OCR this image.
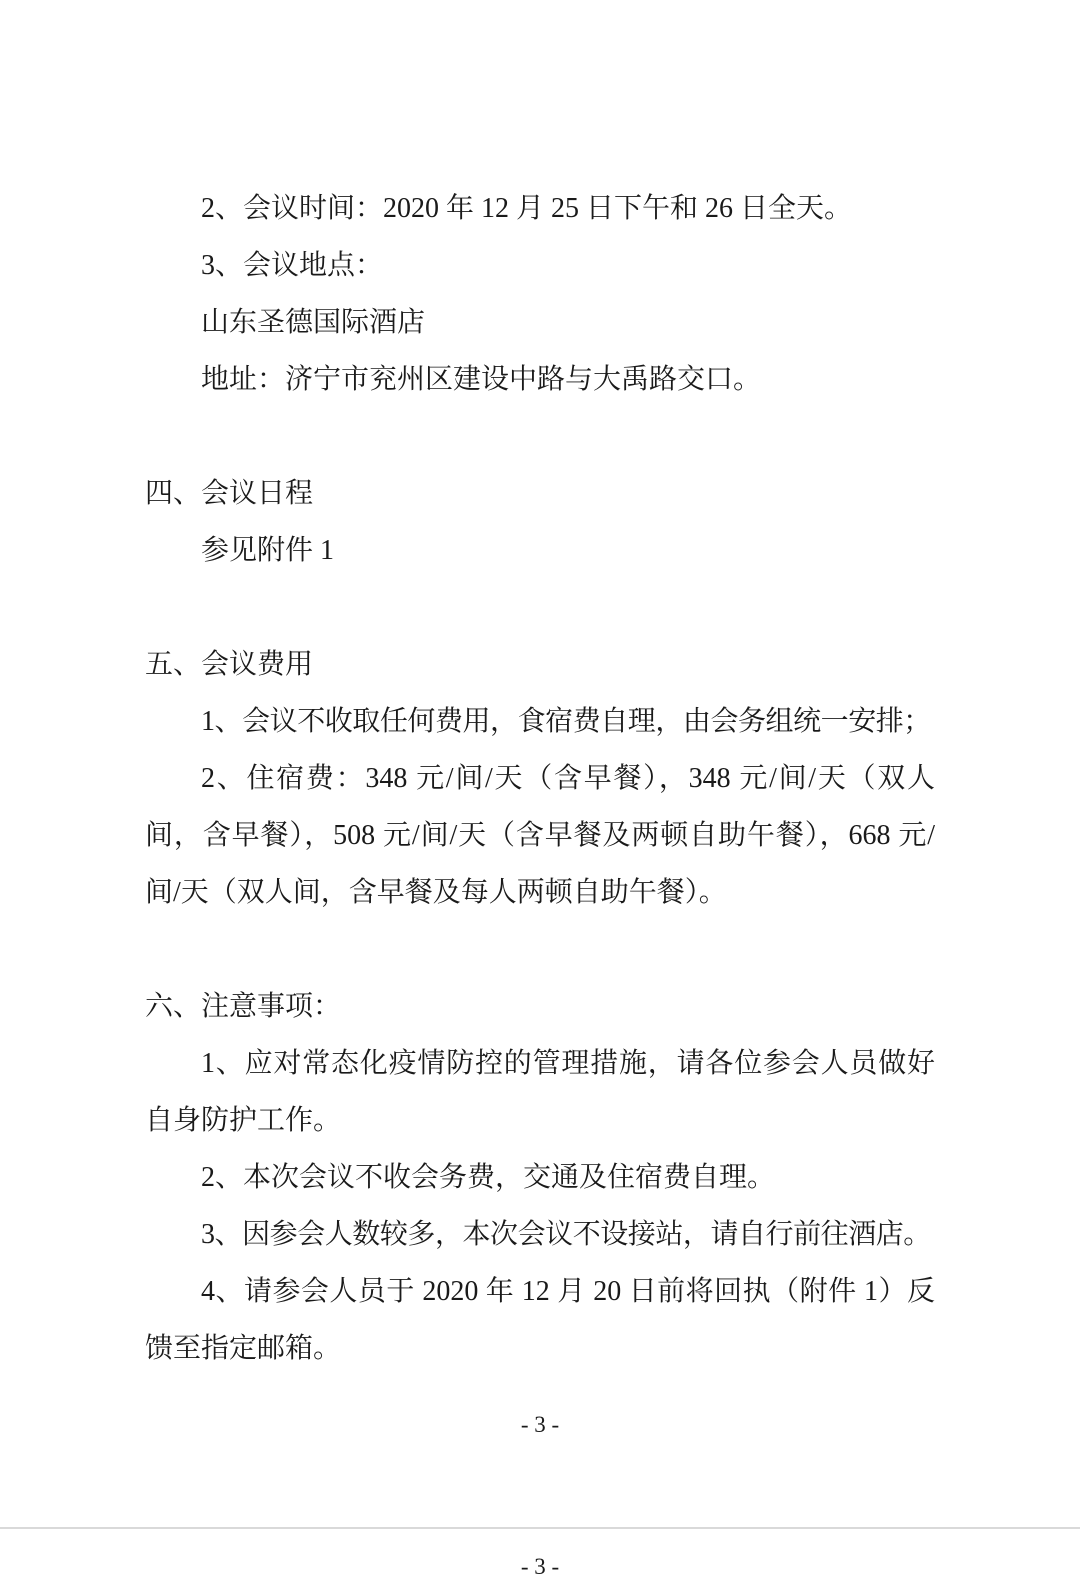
2、会议时间：2020 年 12 月 25 日下午和 26 日全天。

3、会议地点：

山东圣德国际酒店

地址：济宁市兖州区建设中路与大禹路交口。

四、会议日程

参见附件 1

五、会议费用

1、会议不收取任何费用，食宿费自理，由会务组统一安排；

2、住宿费：348 元/间/天（含早餐），348 元/间/天（双人间，含早餐），508 元/间/天（含早餐及两顿自助午餐），668 元/间/天（双人间，含早餐及每人两顿自助午餐）。

六、注意事项：

1、应对常态化疫情防控的管理措施，请各位参会人员做好自身防护工作。

2、本次会议不收会务费，交通及住宿费自理。

3、因参会人数较多，本次会议不设接站，请自行前往酒店。

4、请参会人员于 2020 年 12 月 20 日前将回执（附件 1）反馈至指定邮箱。

- 3 -
- 3 -
